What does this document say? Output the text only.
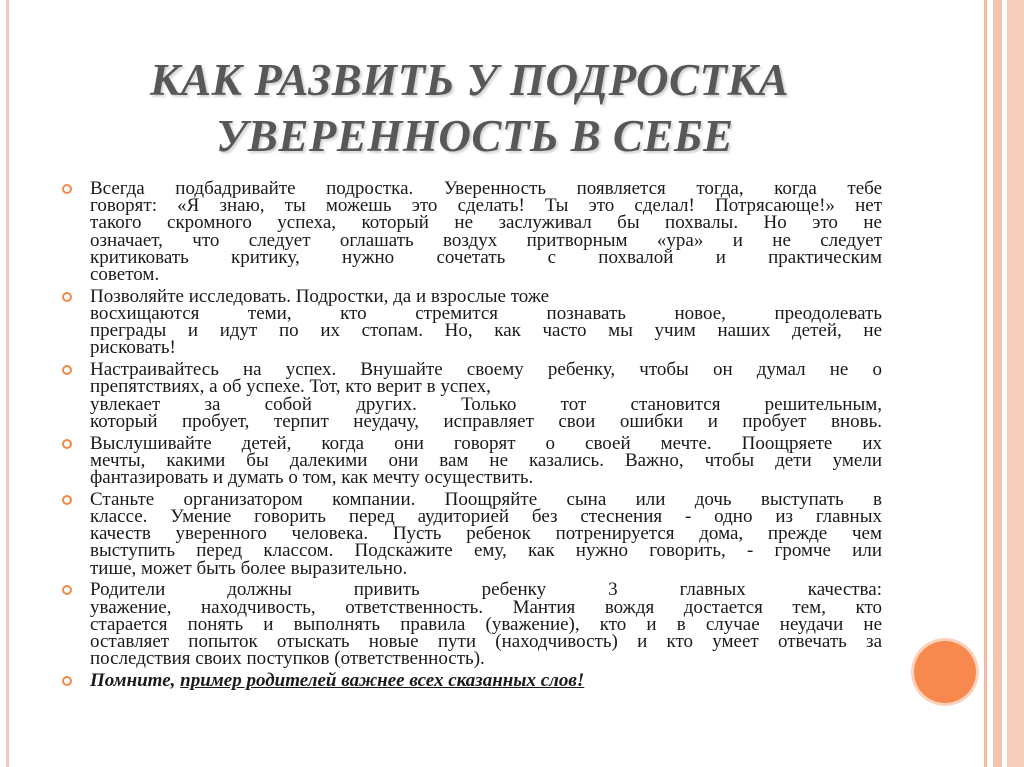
КАК РАЗВИТЬ У ПОДРОСТКА
УВЕРЕННОСТЬ В СЕБЕ
Всегда подбадривайте подростка. Уверенность появляется тогда, когда тебе
говорят: «Я знаю, ты можешь это сделать! Ты это сделал! Потрясающе!» нет
такого скромного успеха, который не заслуживал бы похвалы. Но это не
означает, что следует оглашать воздух притворным «ура» и не следует
критиковать критику, нужно сочетать с похвалой и практическим
советом.
Позволяйте исследовать. Подростки, да и взрослые тоже
восхищаются теми, кто стремится познавать новое, преодолевать
преграды и идут по их стопам. Но, как часто мы учим наших детей, не
рисковать!
Настраивайтесь на успех. Внушайте своему ребенку, чтобы он думал не о
препятствиях, а об успехе. Тот, кто верит в успех,
увлекает за собой других. Только тот становится решительным,
который пробует, терпит неудачу, исправляет свои ошибки и пробует вновь.
Выслушивайте детей, когда они говорят о своей мечте. Поощряете их
мечты, какими бы далекими они вам не казались. Важно, чтобы дети умели
фантазировать и думать о том, как мечту осуществить.
Станьте организатором компании. Поощряйте сына или дочь выступать в
классе. Умение говорить перед аудиторией без стеснения - одно из главных
качеств уверенного человека. Пусть ребенок потренируется дома, прежде чем
выступить перед классом. Подскажите ему, как нужно говорить, - громче или
тише, может быть более выразительно.
Родители должны привить ребенку 3 главных качества:
уважение, находчивость, ответственность. Мантия вождя достается тем, кто
старается понять и выполнять правила (уважение), кто и в случае неудачи не
оставляет попыток отыскать новые пути (находчивость) и кто умеет отвечать за
последствия своих поступков (ответственность).
Помните, пример родителей важнее всех сказанных слов!
